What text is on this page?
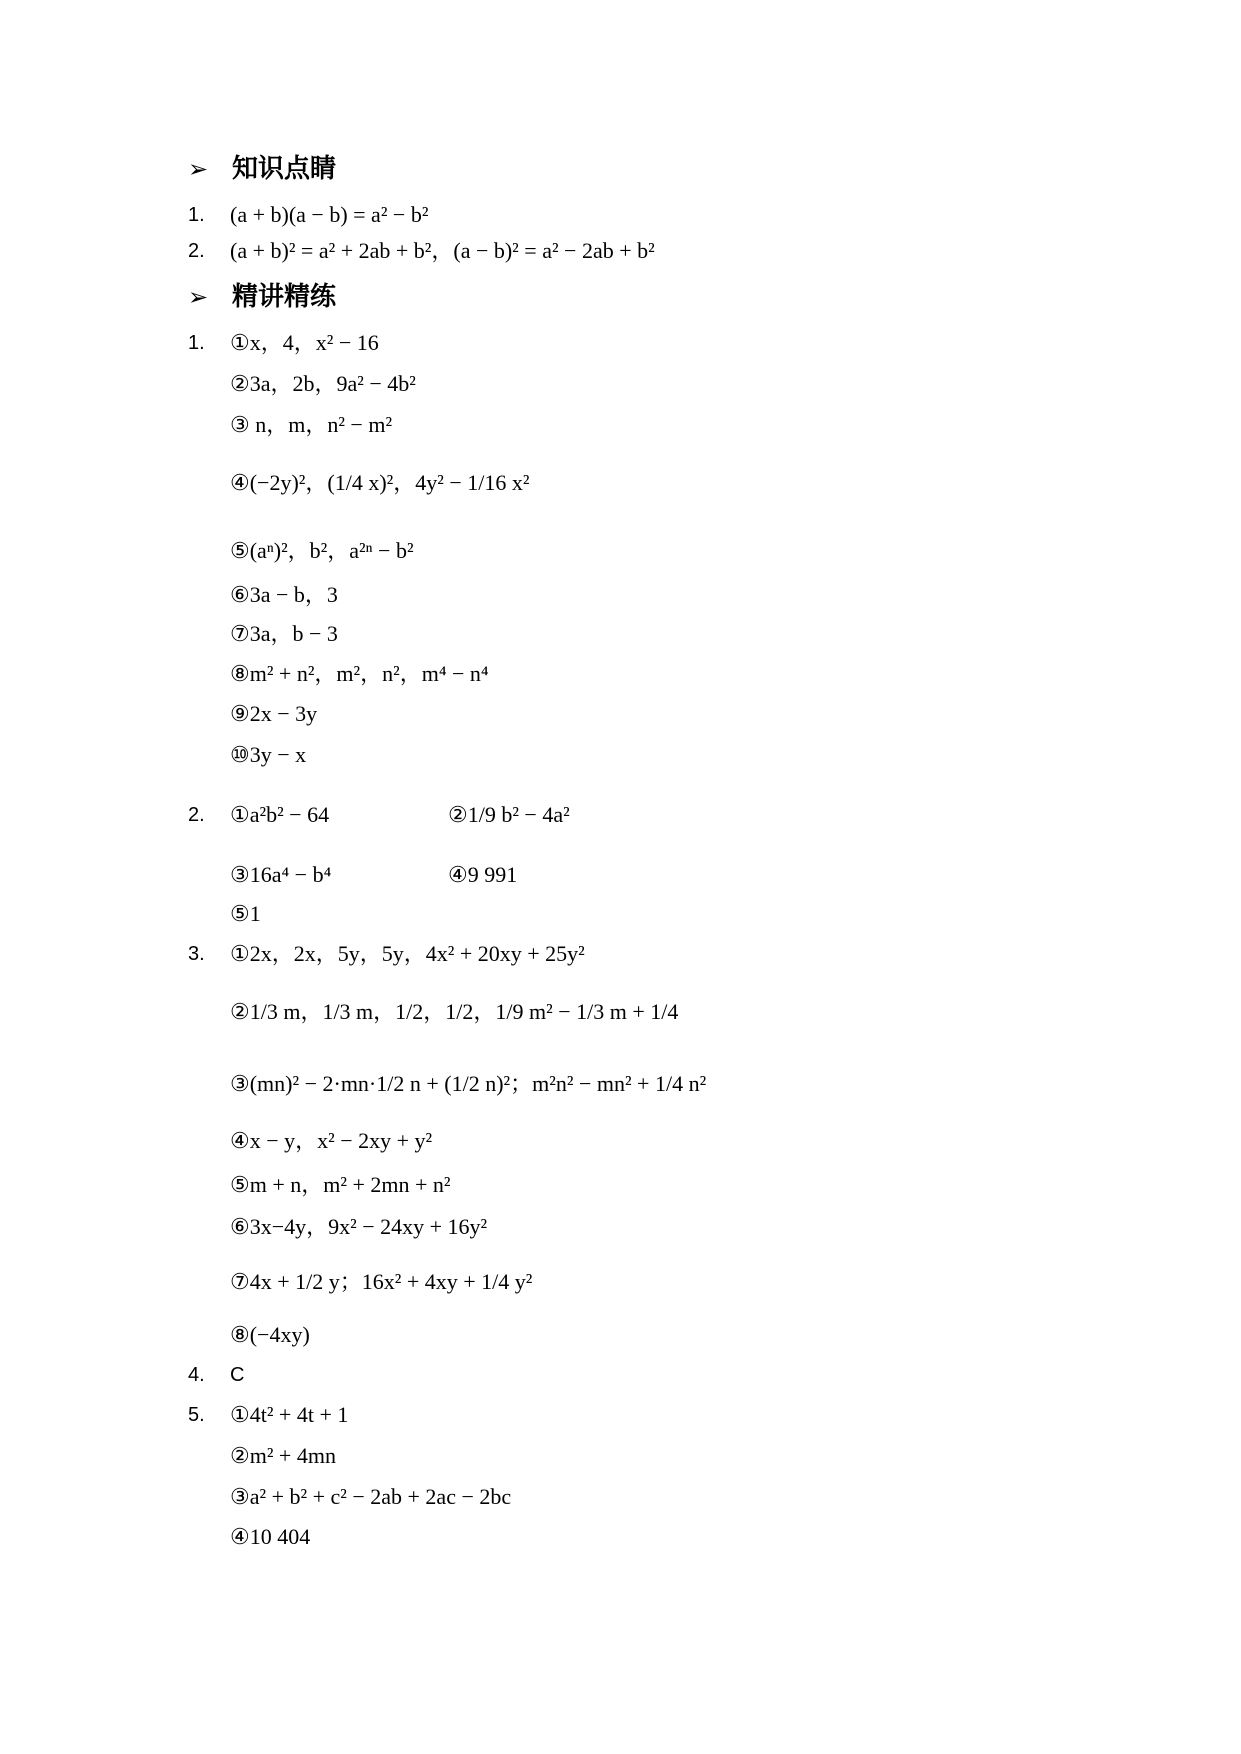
➢ 知识点睛
1. (a + b)(a − b) = a² − b²
2. (a + b)² = a² + 2ab + b²，(a − b)² = a² − 2ab + b²
➢ 精讲精练
1. ①x，4，x² − 16
②3a，2b，9a² − 4b²
③ n，m，n² − m²
④(−2y)²，(1/4 x)²，4y² − 1/16 x²
⑤(aⁿ)²，b²，a²ⁿ − b²
⑥3a − b，3
⑦3a，b − 3
⑧m² + n²，m²，n²，m⁴ − n⁴
⑨2x − 3y
⑩3y − x
2. ①a²b² − 64	②1/9 b² − 4a²
③16a⁴ − b⁴	④9 991
⑤1
3. ①2x，2x，5y，5y，4x² + 20xy + 25y²
②1/3 m，1/3 m，1/2，1/2，1/9 m² − 1/3 m + 1/4
③(mn)² − 2·mn·1/2 n + (1/2 n)²；m²n² − mn² + 1/4 n²
④x − y，x² − 2xy + y²
⑤m + n，m² + 2mn + n²
⑥3x−4y，9x² − 24xy + 16y²
⑦4x + 1/2 y；16x² + 4xy + 1/4 y²
⑧(−4xy)
4. C
5. ①4t² + 4t + 1
②m² + 4mn
③a² + b² + c² − 2ab + 2ac − 2bc
④10 404
